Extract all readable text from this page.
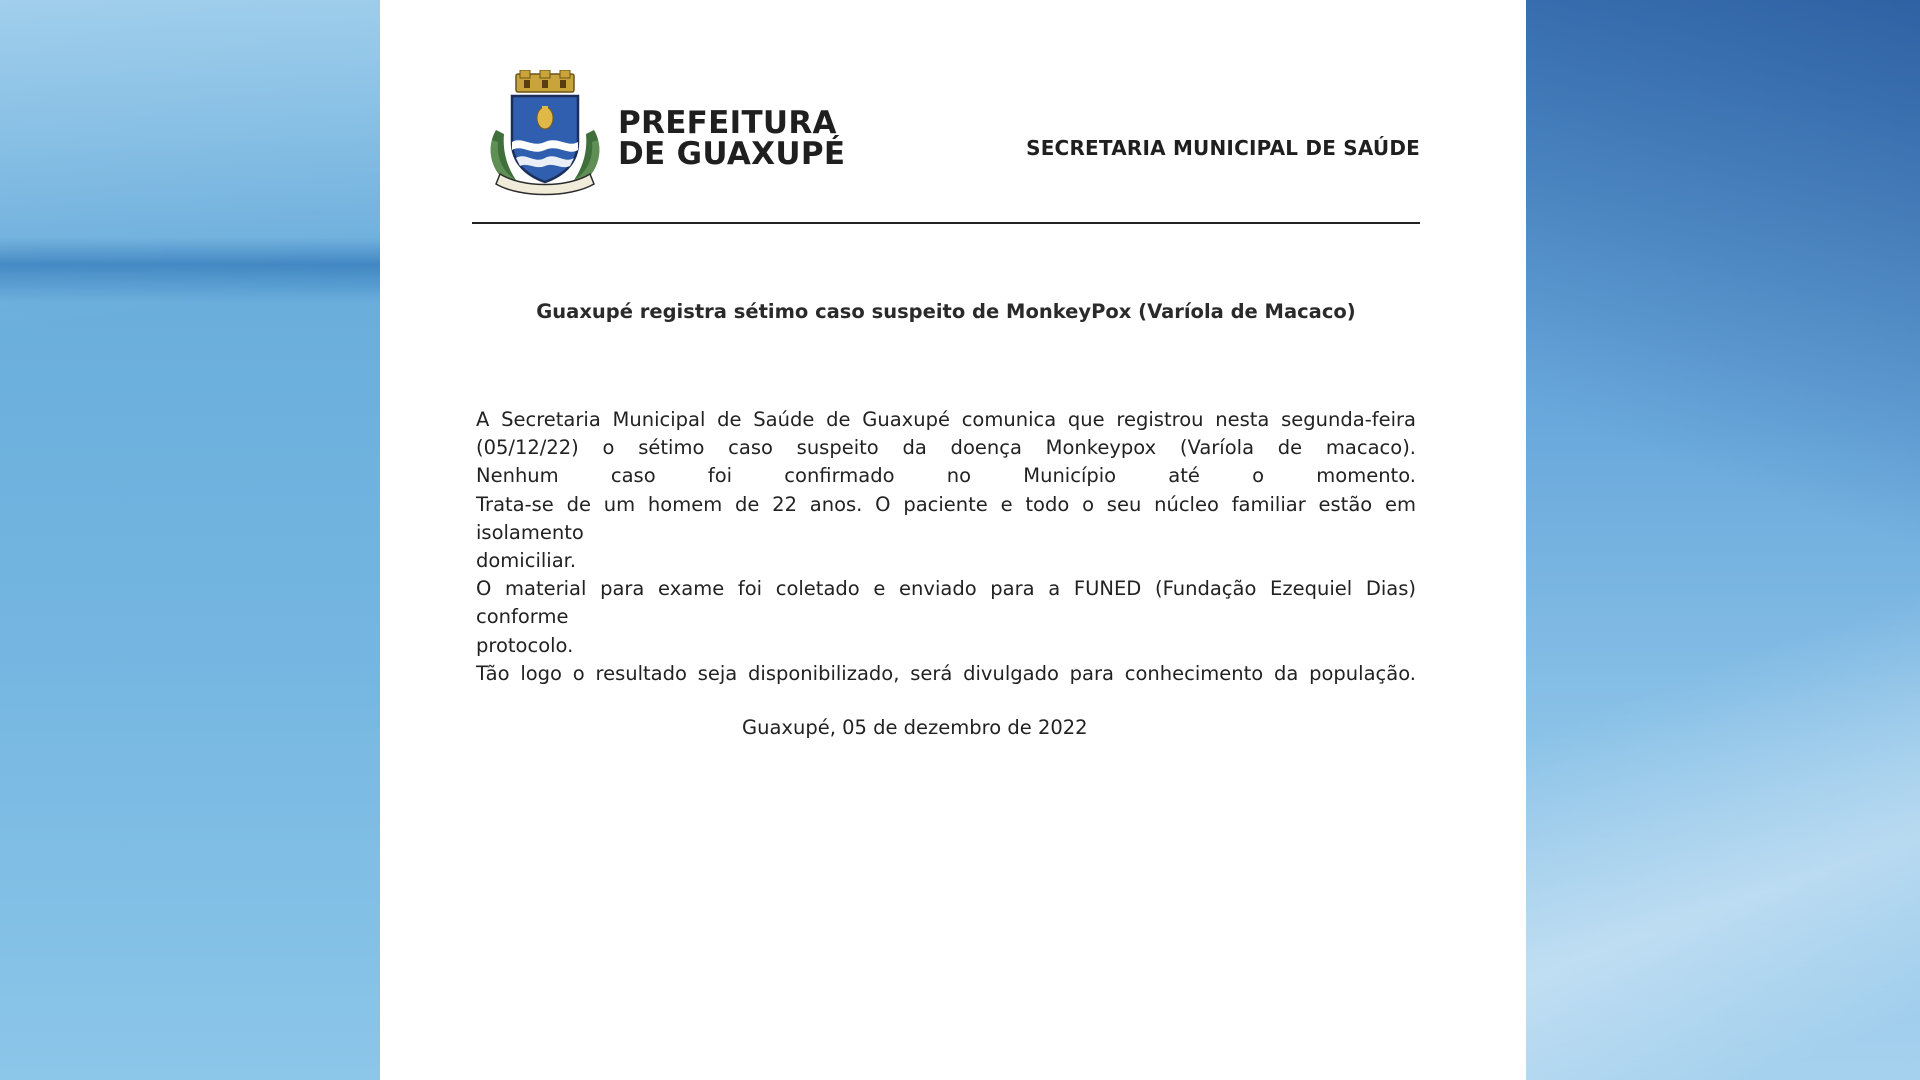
PREFEITURA
DE GUAXUPÉ	SECRETARIA MUNICIPAL DE SAÚDE
Guaxupé registra sétimo caso suspeito de MonkeyPox (Varíola de Macaco)

A Secretaria Municipal de Saúde de Guaxupé comunica que registrou nesta segunda-feira

(05/12/22) o sétimo caso suspeito da doença Monkeypox (Varíola de macaco).

Nenhum caso foi confirmado no Município até o momento.

Trata-se de um homem de 22 anos. O paciente e todo o seu núcleo familiar estão em isolamento

domiciliar.

O material para exame foi coletado e enviado para a FUNED (Fundação Ezequiel Dias) conforme

protocolo.

Tão logo o resultado seja disponibilizado, será divulgado para conhecimento da população.

Guaxupé, 05 de dezembro de 2022
